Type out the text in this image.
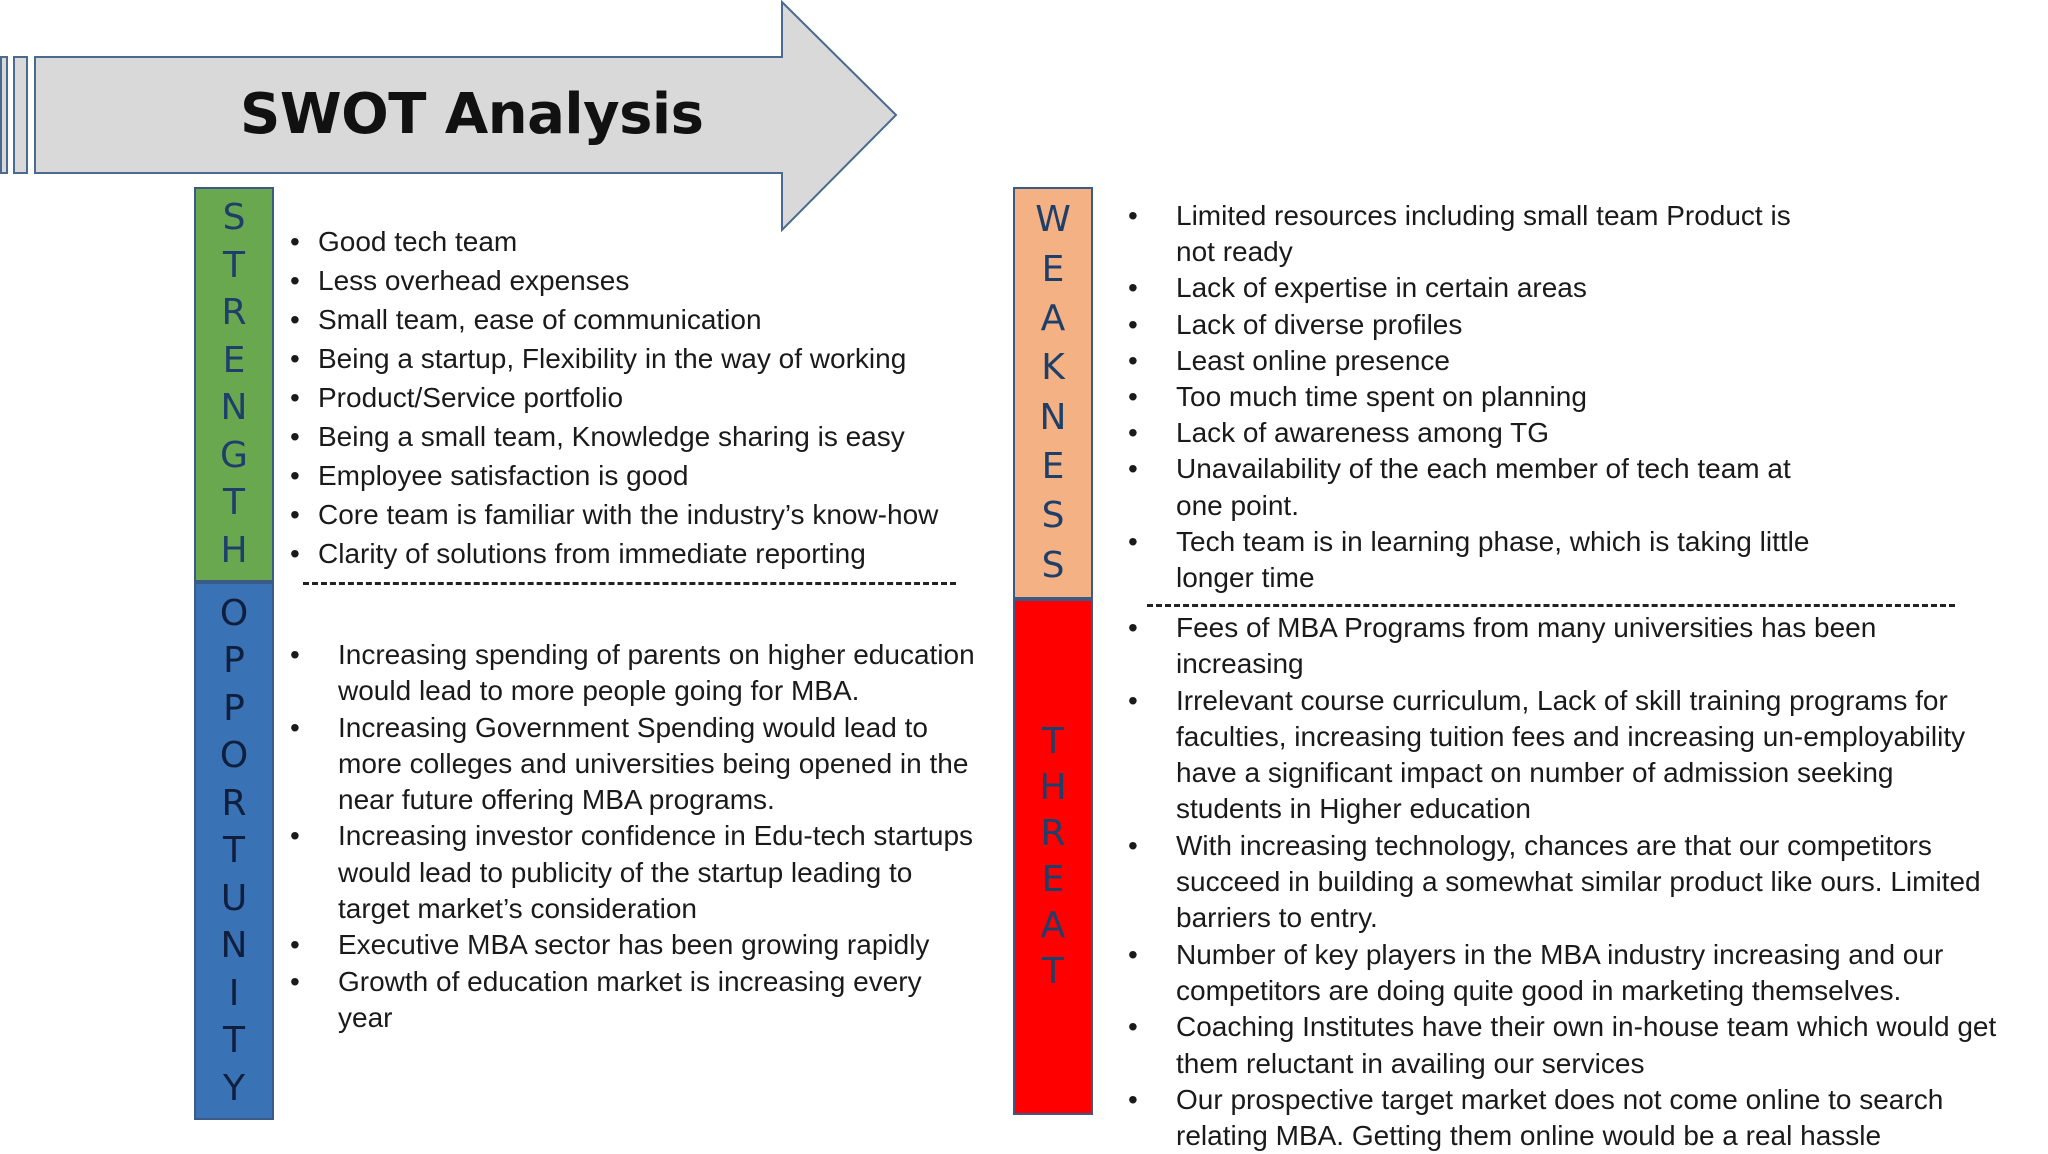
SWOT Analysis
S
T
R
E
N
G
T
H
O
P
P
O
R
T
U
N
I
T
Y
W
E
A
K
N
E
S
S
T
H
R
E
A
T
• Good tech team
• Less overhead expenses
• Small team, ease of communication
• Being a startup, Flexibility in the way of working
• Product/Service portfolio
• Being a small team, Knowledge sharing is easy
• Employee satisfaction is good
• Core team is familiar with the industry’s know-how
• Clarity of solutions from immediate reporting
• Increasing spending of parents on higher education would lead to more people going for MBA.
• Increasing Government Spending would lead to more colleges and universities being opened in the near future offering MBA programs.
• Increasing investor confidence in Edu-tech startups would lead to publicity of the startup leading to target market’s consideration
• Executive MBA sector has been growing rapidly
• Growth of education market is increasing every year
• Limited resources including small team Product is not ready
• Lack of expertise in certain areas
• Lack of diverse profiles
• Least online presence
• Too much time spent on planning
• Lack of awareness among TG
• Unavailability of the each member of tech team at one point.
• Tech team is in learning phase, which is taking little longer time
• Fees of MBA Programs from many universities has been increasing
• Irrelevant course curriculum, Lack of skill training programs for faculties, increasing tuition fees and increasing un-employability have a significant impact on number of admission seeking students in Higher education
• With increasing technology, chances are that our competitors succeed in building a somewhat similar product like ours. Limited barriers to entry.
• Number of key players in the MBA industry increasing and our competitors are doing quite good in marketing themselves.
• Coaching Institutes have their own in-house team which would get them reluctant in availing our services
• Our prospective target market does not come online to search relating MBA. Getting them online would be a real hassle
